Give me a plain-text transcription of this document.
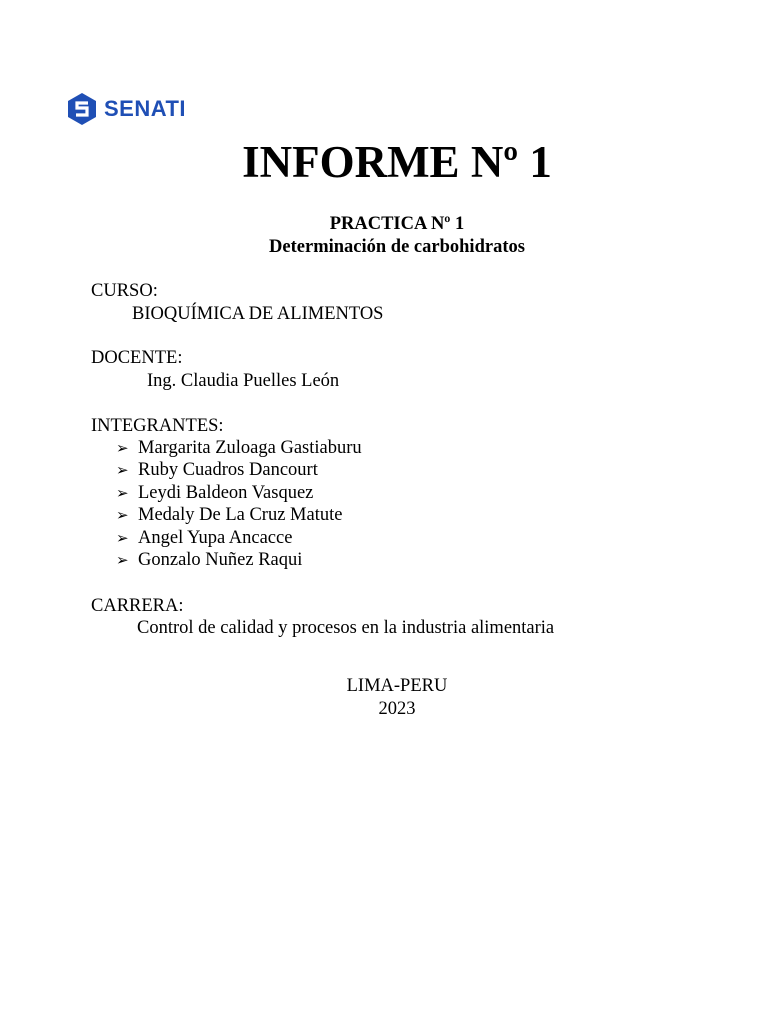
SENATI
INFORME Nº 1

PRACTICA Nº 1

Determinación de carbohidratos

CURSO:

BIOQUÍMICA DE ALIMENTOS

DOCENTE:

Ing. Claudia Puelles León

INTEGRANTES:

➢ Margarita Zuloaga Gastiaburu
➢ Ruby Cuadros Dancourt
➢ Leydi Baldeon Vasquez
➢ Medaly De La Cruz Matute
➢ Angel Yupa Ancacce
➢ Gonzalo Nuñez Raqui

CARRERA:

Control de calidad y procesos en la industria alimentaria

LIMA-PERU

2023
